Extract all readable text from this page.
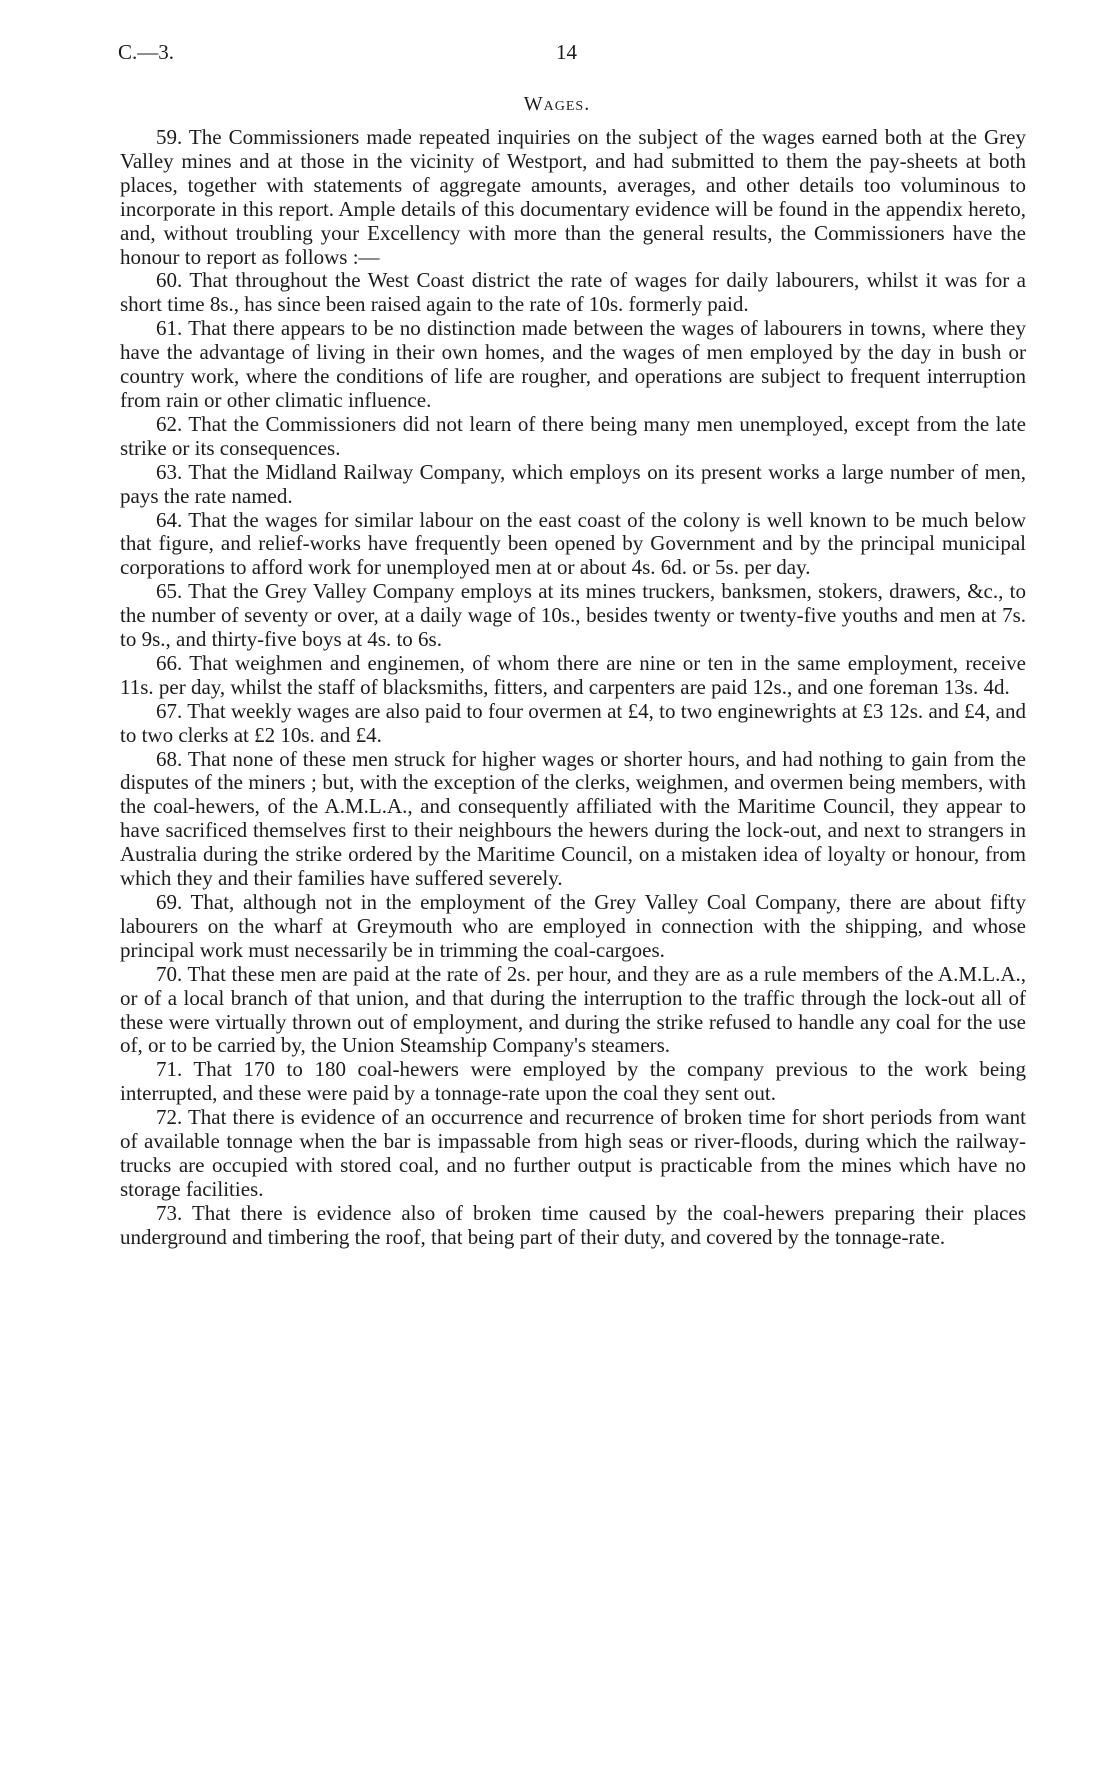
C.—3.	14
Wages.

59. The Commissioners made repeated inquiries on the subject of the wages earned both at the Grey Valley mines and at those in the vicinity of Westport, and had submitted to them the pay-sheets at both places, together with statements of aggregate amounts, averages, and other details too voluminous to incorporate in this report. Ample details of this documentary evidence will be found in the appendix hereto, and, without troubling your Excellency with more than the general results, the Commissioners have the honour to report as follows :—

60. That throughout the West Coast district the rate of wages for daily labourers, whilst it was for a short time 8s., has since been raised again to the rate of 10s. formerly paid.

61. That there appears to be no distinction made between the wages of labourers in towns, where they have the advantage of living in their own homes, and the wages of men employed by the day in bush or country work, where the conditions of life are rougher, and operations are subject to frequent interruption from rain or other climatic influence.

62. That the Commissioners did not learn of there being many men unemployed, except from the late strike or its consequences.

63. That the Midland Railway Company, which employs on its present works a large number of men, pays the rate named.

64. That the wages for similar labour on the east coast of the colony is well known to be much below that figure, and relief-works have frequently been opened by Government and by the principal municipal corporations to afford work for unemployed men at or about 4s. 6d. or 5s. per day.

65. That the Grey Valley Company employs at its mines truckers, banksmen, stokers, drawers, &c., to the number of seventy or over, at a daily wage of 10s., besides twenty or twenty-five youths and men at 7s. to 9s., and thirty-five boys at 4s. to 6s.

66. That weighmen and enginemen, of whom there are nine or ten in the same employment, receive 11s. per day, whilst the staff of blacksmiths, fitters, and carpenters are paid 12s., and one foreman 13s. 4d.

67. That weekly wages are also paid to four overmen at £4, to two enginewrights at £3 12s. and £4, and to two clerks at £2 10s. and £4.

68. That none of these men struck for higher wages or shorter hours, and had nothing to gain from the disputes of the miners ; but, with the exception of the clerks, weighmen, and overmen being members, with the coal-hewers, of the A.M.L.A., and consequently affiliated with the Maritime Council, they appear to have sacrificed themselves first to their neighbours the hewers during the lock-out, and next to strangers in Australia during the strike ordered by the Maritime Council, on a mistaken idea of loyalty or honour, from which they and their families have suffered severely.

69. That, although not in the employment of the Grey Valley Coal Company, there are about fifty labourers on the wharf at Greymouth who are employed in connection with the shipping, and whose principal work must necessarily be in trimming the coal-cargoes.

70. That these men are paid at the rate of 2s. per hour, and they are as a rule members of the A.M.L.A., or of a local branch of that union, and that during the interruption to the traffic through the lock-out all of these were virtually thrown out of employment, and during the strike refused to handle any coal for the use of, or to be carried by, the Union Steamship Company's steamers.

71. That 170 to 180 coal-hewers were employed by the company previous to the work being interrupted, and these were paid by a tonnage-rate upon the coal they sent out.

72. That there is evidence of an occurrence and recurrence of broken time for short periods from want of available tonnage when the bar is impassable from high seas or river-floods, during which the railway-trucks are occupied with stored coal, and no further output is practicable from the mines which have no storage facilities.

73. That there is evidence also of broken time caused by the coal-hewers preparing their places underground and timbering the roof, that being part of their duty, and covered by the tonnage-rate.
